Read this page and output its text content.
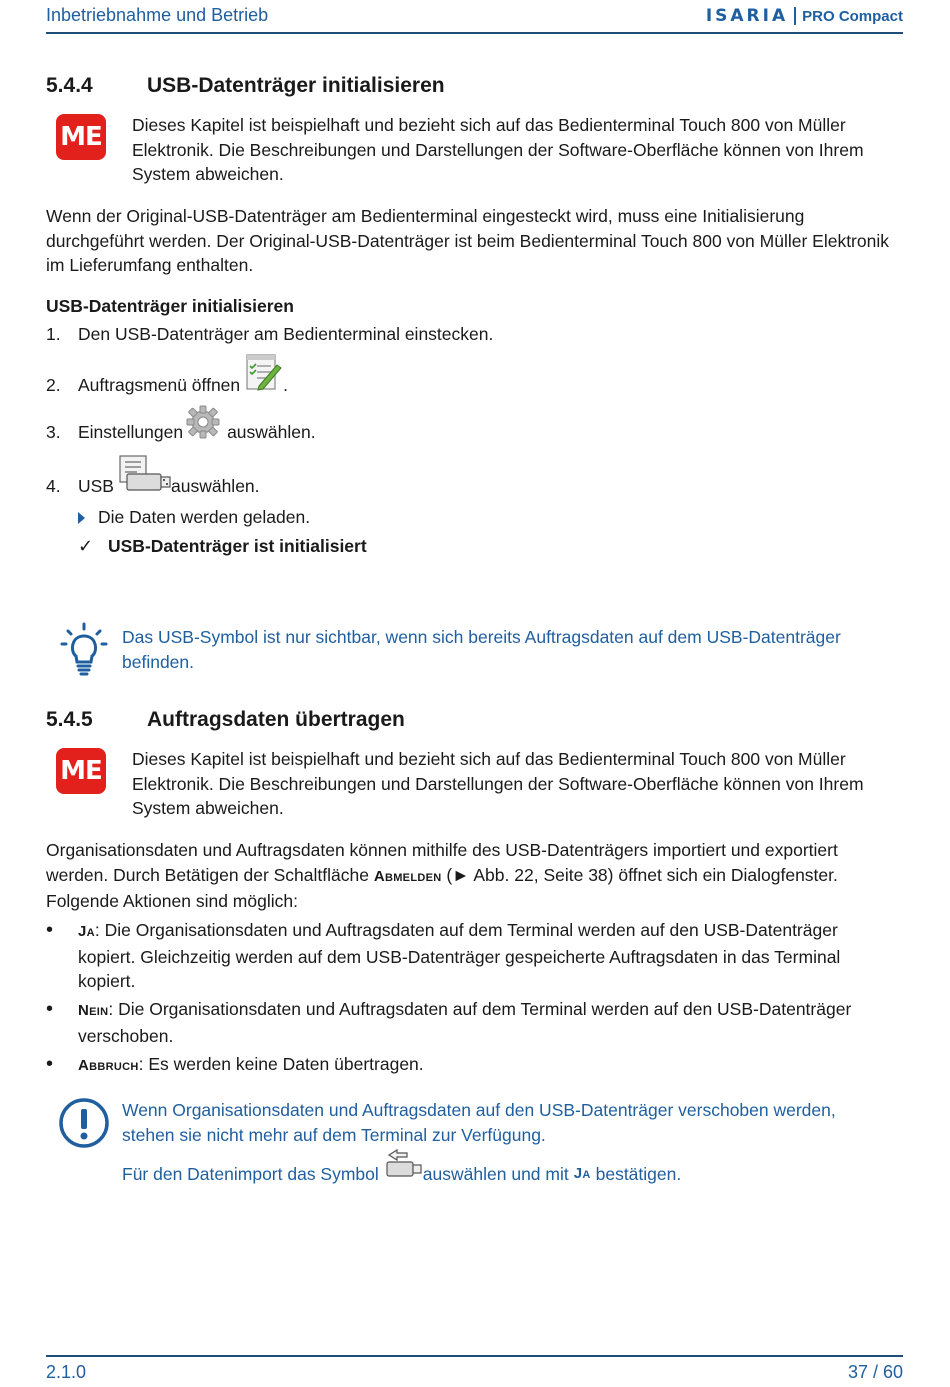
Inbetriebnahme und Betrieb	ISARIA PRO Compact
5.4.4	USB-Datenträger initialisieren
ME Dieses Kapitel ist beispielhaft und bezieht sich auf das Bedienterminal Touch 800 von Müller Elektronik. Die Beschreibungen und Darstellungen der Software-Oberfläche können von Ihrem System abweichen.
Wenn der Original-USB-Datenträger am Bedienterminal eingesteckt wird, muss eine Initialisierung durchgeführt werden. Der Original-USB-Datenträger ist beim Bedienterminal Touch 800 von Müller Elektronik im Lieferumfang enthalten.
USB-Datenträger initialisieren
1. Den USB-Datenträger am Bedienterminal einstecken.
2. Auftragsmenü öffnen .
3. Einstellungen	auswählen.
4. USB	auswählen.
Die Daten werden geladen.
✓ USB-Datenträger ist initialisiert
Das USB-Symbol ist nur sichtbar, wenn sich bereits Auftragsdaten auf dem USB-Datenträger befinden.
5.4.5	Auftragsdaten übertragen
ME Dieses Kapitel ist beispielhaft und bezieht sich auf das Bedienterminal Touch 800 von Müller Elektronik. Die Beschreibungen und Darstellungen der Software-Oberfläche können von Ihrem System abweichen.
Organisationsdaten und Auftragsdaten können mithilfe des USB-Datenträgers importiert und exportiert werden. Durch Betätigen der Schaltfläche Abmelden (► Abb. 22, Seite 38) öffnet sich ein Dialogfenster. Folgende Aktionen sind möglich:
• Ja: Die Organisationsdaten und Auftragsdaten auf dem Terminal werden auf den USB-Datenträger kopiert. Gleichzeitig werden auf dem USB-Datenträger gespeicherte Auftragsdaten in das Terminal kopiert.
• Nein: Die Organisationsdaten und Auftragsdaten auf dem Terminal werden auf den USB-Datenträger verschoben.
• Abbruch: Es werden keine Daten übertragen.
Wenn Organisationsdaten und Auftragsdaten auf den USB-Datenträger verschoben werden, stehen sie nicht mehr auf dem Terminal zur Verfügung.
Für den Datenimport das Symbol	auswählen und mit Ja bestätigen.
2.1.0	37 / 60
